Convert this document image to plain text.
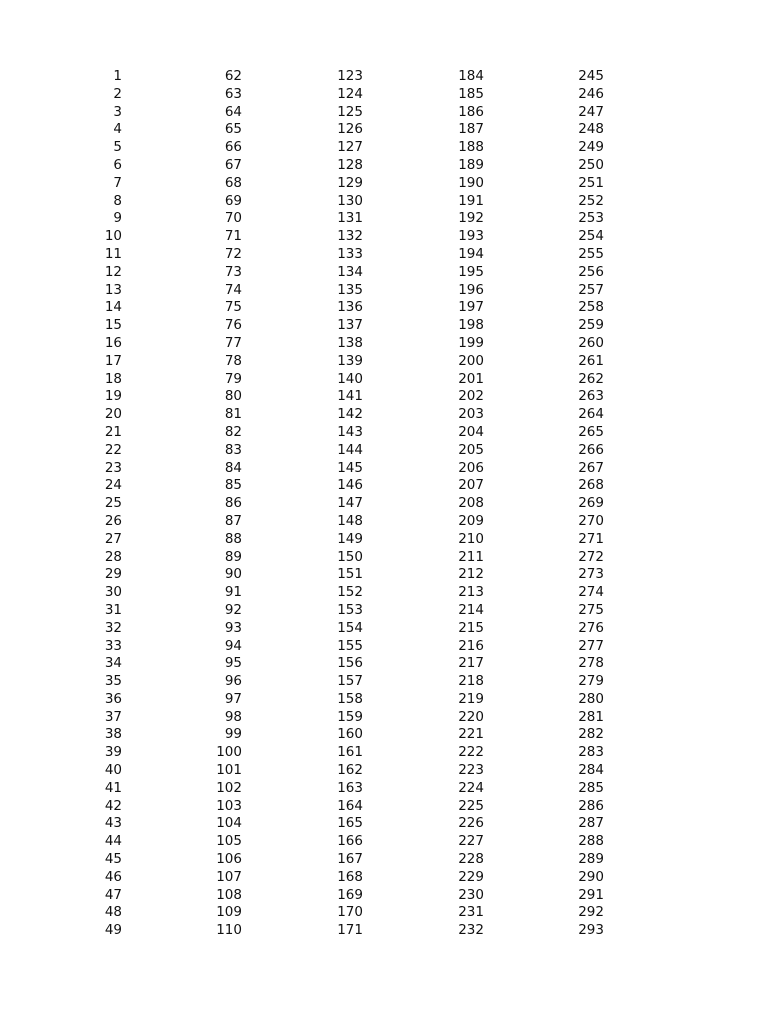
1	62	123	184	245
2	63	124	185	246
3	64	125	186	247
4	65	126	187	248
5	66	127	188	249
6	67	128	189	250
7	68	129	190	251
8	69	130	191	252
9	70	131	192	253
10	71	132	193	254
11	72	133	194	255
12	73	134	195	256
13	74	135	196	257
14	75	136	197	258
15	76	137	198	259
16	77	138	199	260
17	78	139	200	261
18	79	140	201	262
19	80	141	202	263
20	81	142	203	264
21	82	143	204	265
22	83	144	205	266
23	84	145	206	267
24	85	146	207	268
25	86	147	208	269
26	87	148	209	270
27	88	149	210	271
28	89	150	211	272
29	90	151	212	273
30	91	152	213	274
31	92	153	214	275
32	93	154	215	276
33	94	155	216	277
34	95	156	217	278
35	96	157	218	279
36	97	158	219	280
37	98	159	220	281
38	99	160	221	282
39	100	161	222	283
40	101	162	223	284
41	102	163	224	285
42	103	164	225	286
43	104	165	226	287
44	105	166	227	288
45	106	167	228	289
46	107	168	229	290
47	108	169	230	291
48	109	170	231	292
49	110	171	232	293
